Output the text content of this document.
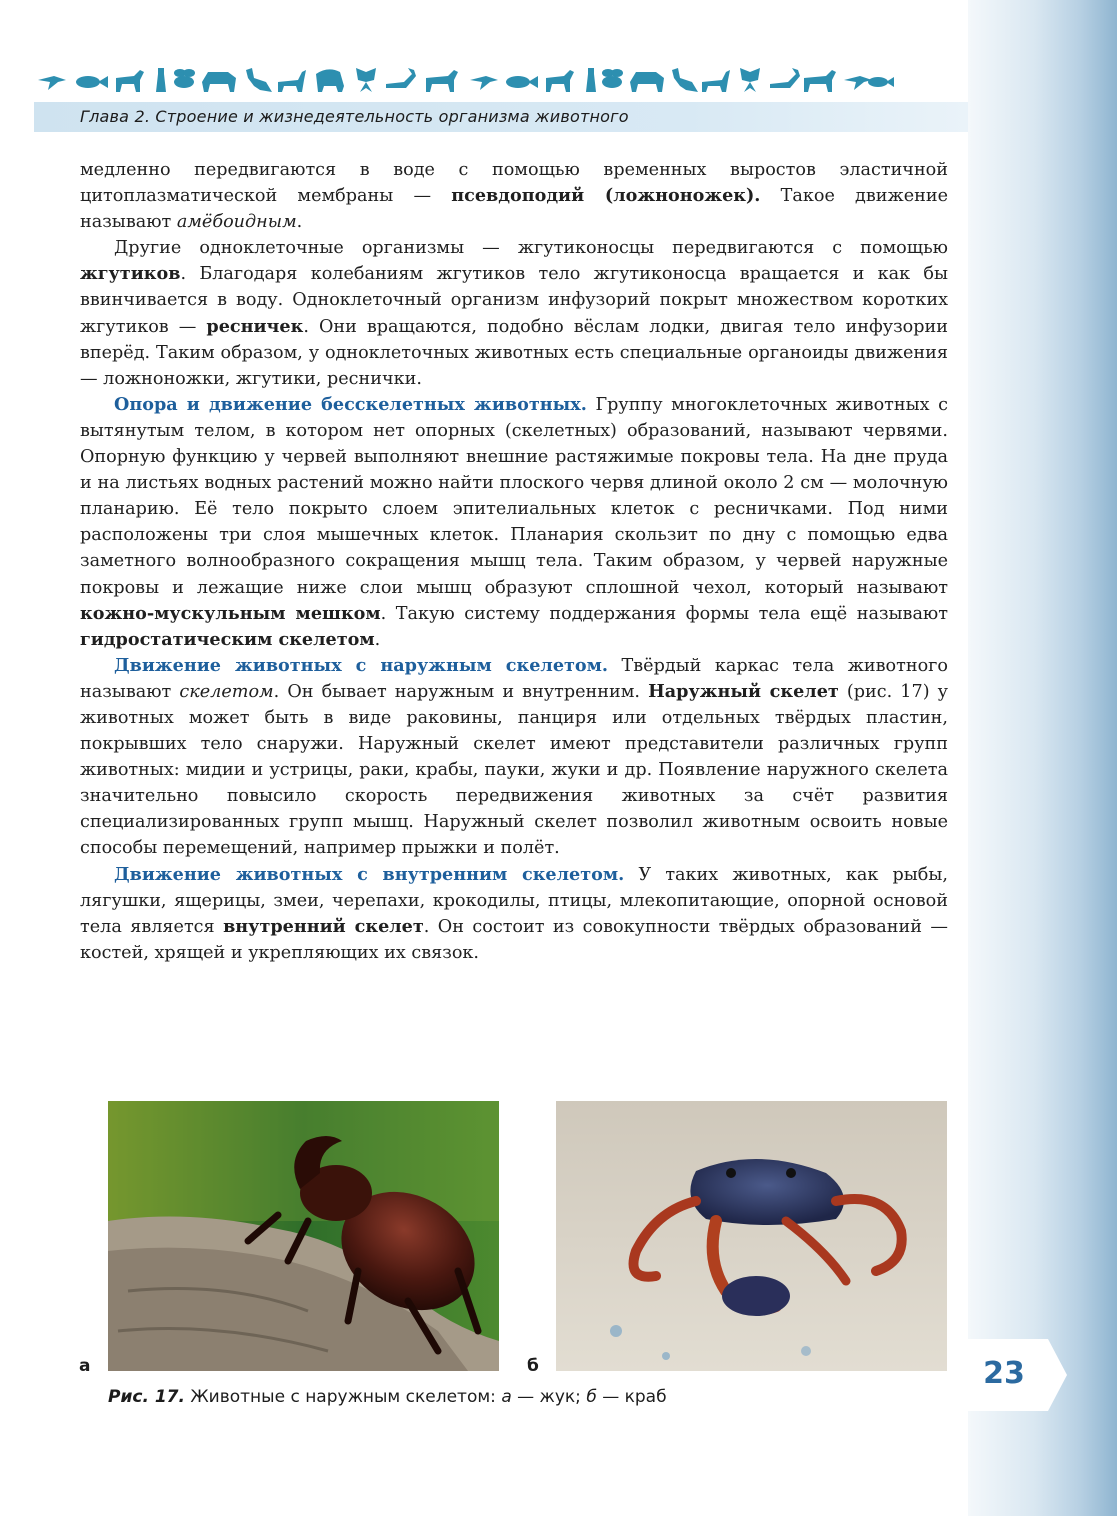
Глава 2. Строение и жизнедеятельность организма животного

медленно передвигаются в воде с помощью временных выростов эластичной цитоплазматической мембраны — псевдоподий (ложноножек). Такое движение называют амёбоидным.

Другие одноклеточные организмы — жгутиконосцы передвигаются с помощью жгутиков. Благодаря колебаниям жгутиков тело жгутиконосца вращается и как бы ввинчивается в воду. Одноклеточный организм инфузорий покрыт множеством коротких жгутиков — ресничек. Они вращаются, подобно вёслам лодки, двигая тело инфузории вперёд. Таким образом, у одноклеточных животных есть специальные органоиды движения — ложноножки, жгутики, реснички.

Опора и движение бесскелетных животных. Группу многоклеточных животных с вытянутым телом, в котором нет опорных (скелетных) образований, называют червями. Опорную функцию у червей выполняют внешние растяжимые покровы тела. На дне пруда и на листьях водных растений можно найти плоского червя длиной около 2 см — молочную планарию. Её тело покрыто слоем эпителиальных клеток с ресничками. Под ними расположены три слоя мышечных клеток. Планария скользит по дну с помощью едва заметного волнообразного сокращения мышц тела. Таким образом, у червей наружные покровы и лежащие ниже слои мышц образуют сплошной чехол, который называют кожно-мускульным мешком. Такую систему поддержания формы тела ещё называют гидростатическим скелетом.

Движение животных с наружным скелетом. Твёрдый каркас тела животного называют скелетом. Он бывает наружным и внутренним. Наружный скелет (рис. 17) у животных может быть в виде раковины, панциря или отдельных твёрдых пластин, покрывших тело снаружи. Наружный скелет имеют представители различных групп животных: мидии и устрицы, раки, крабы, пауки, жуки и др. Появление наружного скелета значительно повысило скорость передвижения животных за счёт развития специализированных групп мышц. Наружный скелет позволил животным освоить новые способы перемещений, например прыжки и полёт.

Движение животных с внутренним скелетом. У таких животных, как рыбы, лягушки, ящерицы, змеи, черепахи, крокодилы, птицы, млекопитающие, опорной основой тела является внутренний скелет. Он состоит из совокупности твёрдых образований — костей, хрящей и укрепляющих их связок.

а	б
Рис. 17. Животные с наружным скелетом: а — жук; б — краб
23
